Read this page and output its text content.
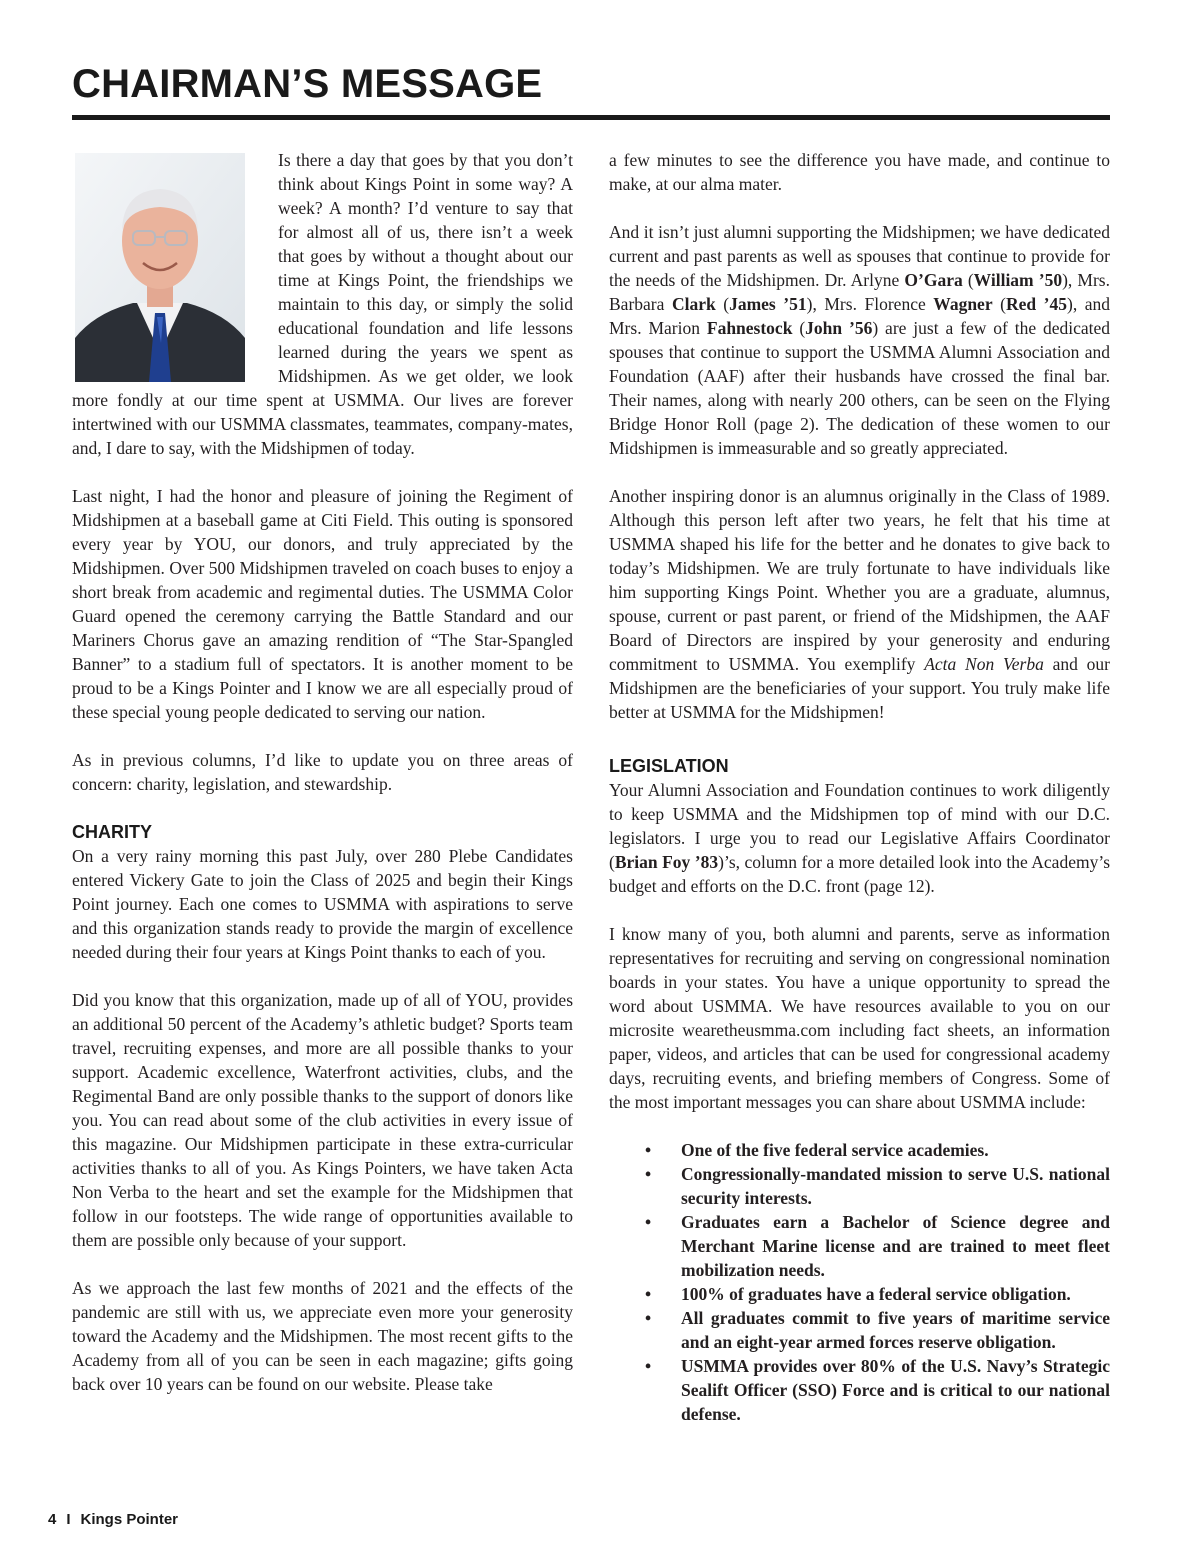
CHAIRMAN’S MESSAGE

Is there a day that goes by that you don’t think about Kings Point in some way? A week? A month? I’d venture to say that for almost all of us, there isn’t a week that goes by without a thought about our time at Kings Point, the friendships we maintain to this day, or simply the solid educational foundation and life lessons learned during the years we spent as Midshipmen. As we get older, we look more fondly at our time spent at USMMA. Our lives are forever intertwined with our USMMA classmates, teammates, company-mates, and, I dare to say, with the Midshipmen of today.

Last night, I had the honor and pleasure of joining the Regiment of Midshipmen at a baseball game at Citi Field. This outing is sponsored every year by YOU, our donors, and truly appreciated by the Midshipmen. Over 500 Midshipmen traveled on coach buses to enjoy a short break from academic and regimental duties. The USMMA Color Guard opened the ceremony carrying the Battle Standard and our Mariners Chorus gave an amazing rendition of “The Star-Spangled Banner” to a stadium full of spectators. It is another moment to be proud to be a Kings Pointer and I know we are all especially proud of these special young people dedicated to serving our nation.

As in previous columns, I’d like to update you on three areas of concern: charity, legislation, and stewardship.

CHARITY

On a very rainy morning this past July, over 280 Plebe Candidates entered Vickery Gate to join the Class of 2025 and begin their Kings Point journey. Each one comes to USMMA with aspirations to serve and this organization stands ready to provide the margin of excellence needed during their four years at Kings Point thanks to each of you.

Did you know that this organization, made up of all of YOU, provides an additional 50 percent of the Academy’s athletic budget? Sports team travel, recruiting expenses, and more are all possible thanks to your support. Academic excellence, Waterfront activities, clubs, and the Regimental Band are only possible thanks to the support of donors like you. You can read about some of the club activities in every issue of this magazine. Our Midshipmen participate in these extra-curricular activities thanks to all of you. As Kings Pointers, we have taken Acta Non Verba to the heart and set the example for the Midshipmen that follow in our footsteps. The wide range of opportunities available to them are possible only because of your support.

As we approach the last few months of 2021 and the effects of the pandemic are still with us, we appreciate even more your generosity toward the Academy and the Midshipmen. The most recent gifts to the Academy from all of you can be seen in each magazine; gifts going back over 10 years can be found on our website. Please take

a few minutes to see the difference you have made, and continue to make, at our alma mater.

And it isn’t just alumni supporting the Midshipmen; we have dedicated current and past parents as well as spouses that continue to provide for the needs of the Midshipmen. Dr. Arlyne O’Gara (William ’50), Mrs. Barbara Clark (James ’51), Mrs. Florence Wagner (Red ’45), and Mrs. Marion Fahnestock (John ’56) are just a few of the dedicated spouses that continue to support the USMMA Alumni Association and Foundation (AAF) after their husbands have crossed the final bar. Their names, along with nearly 200 others, can be seen on the Flying Bridge Honor Roll (page 2). The dedication of these women to our Midshipmen is immeasurable and so greatly appreciated.

Another inspiring donor is an alumnus originally in the Class of 1989. Although this person left after two years, he felt that his time at USMMA shaped his life for the better and he donates to give back to today’s Midshipmen. We are truly fortunate to have individuals like him supporting Kings Point. Whether you are a graduate, alumnus, spouse, current or past parent, or friend of the Midshipmen, the AAF Board of Directors are inspired by your generosity and enduring commitment to USMMA. You exemplify Acta Non Verba and our Midshipmen are the beneficiaries of your support. You truly make life better at USMMA for the Midshipmen!

LEGISLATION

Your Alumni Association and Foundation continues to work diligently to keep USMMA and the Midshipmen top of mind with our D.C. legislators. I urge you to read our Legislative Affairs Coordinator (Brian Foy ’83)’s, column for a more detailed look into the Academy’s budget and efforts on the D.C. front (page 12).

I know many of you, both alumni and parents, serve as information representatives for recruiting and serving on congressional nomination boards in your states. You have a unique opportunity to spread the word about USMMA. We have resources available to you on our microsite wearetheusmma.com including fact sheets, an information paper, videos, and articles that can be used for congressional academy days, recruiting events, and briefing members of Congress. Some of the most important messages you can share about USMMA include:

• One of the five federal service academies.
• Congressionally-mandated mission to serve U.S. national security interests.
• Graduates earn a Bachelor of Science degree and Merchant Marine license and are trained to meet fleet mobilization needs.
• 100% of graduates have a federal service obligation.
• All graduates commit to five years of maritime service and an eight-year armed forces reserve obligation.
• USMMA provides over 80% of the U.S. Navy’s Strategic Sealift Officer (SSO) Force and is critical to our national defense.
4 I Kings Pointer
